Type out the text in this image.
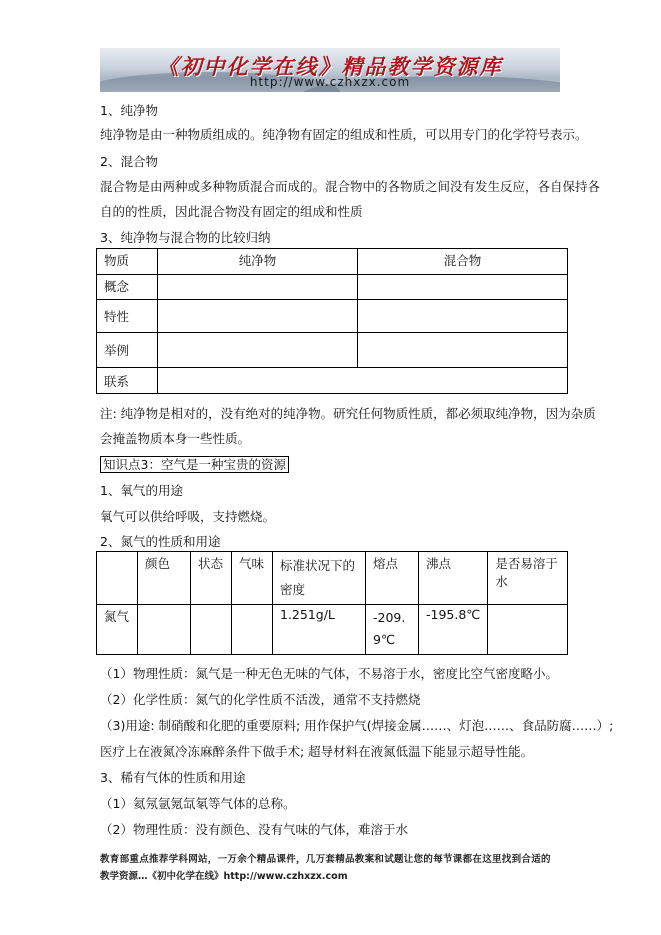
《初中化学在线》精品教学资源库
http://www.czhxzx.com
1、纯净物
纯净物是由一种物质组成的。纯净物有固定的组成和性质，可以用专门的化学符号表示。
2、混合物
混合物是由两种或多种物质混合而成的。混合物中的各物质之间没有发生反应，各自保持各
自的的性质，因此混合物没有固定的组成和性质
3、纯净物与混合物的比较归纳
物质	纯净物	混合物
概念		
特性		
举例		
联系		
注: 纯净物是相对的，没有绝对的纯净物。研究任何物质性质，都必须取纯净物，因为杂质
会掩盖物质本身一些性质。
知识点3：空气是一种宝贵的资源
1、氧气的用途
氧气可以供给呼吸，支持燃烧。
2、氮气的性质和用途
	颜色	状态	气味	标准状况下的密度	熔点	沸点	是否易溶于水
氮气				1.251g/L	-209.9℃	-195.8℃	
（1）物理性质：氮气是一种无色无味的气体，不易溶于水，密度比空气密度略小。
（2）化学性质：氮气的化学性质不活泼，通常不支持燃烧
（3)用途: 制硝酸和化肥的重要原料; 用作保护气(焊接金属……、灯泡……、食品防腐……）;
医疗上在液氮冷冻麻醉条件下做手术; 超导材料在液氮低温下能显示超导性能。
3、稀有气体的性质和用途
（1）氦氖氩氪氙氡等气体的总称。
（2）物理性质：没有颜色、没有气味的气体，难溶于水
教育部重点推荐学科网站，一万余个精品课件，几万套精品教案和试题让您的每节课都在这里找到合适的
教学资源…《初中化学在线》http://www.czhxzx.com
